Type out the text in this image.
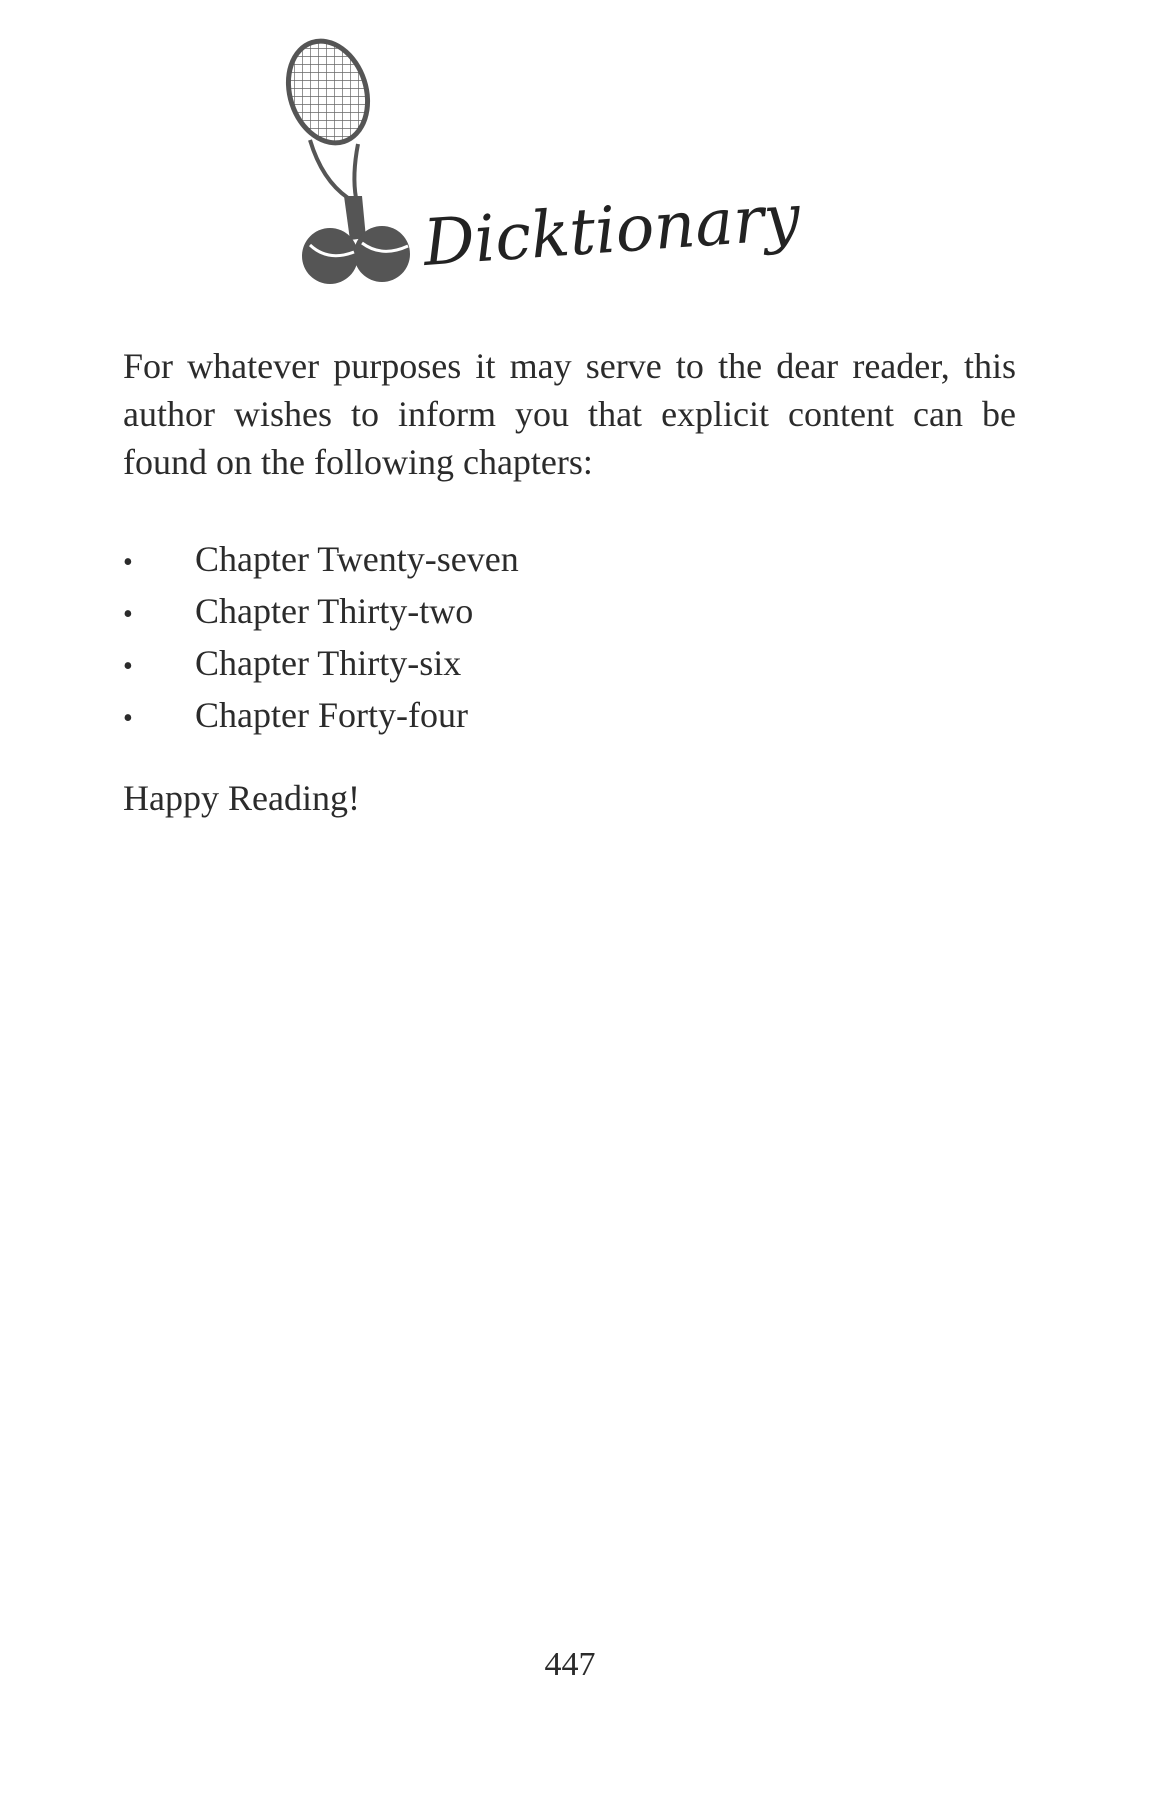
Dicktionary

For whatever purposes it may serve to the dear reader, this author wishes to inform you that explicit content can be found on the following chapters:

•	Chapter Twenty-seven
•	Chapter Thirty-two
•	Chapter Thirty-six
•	Chapter Forty-four

Happy Reading!

447
